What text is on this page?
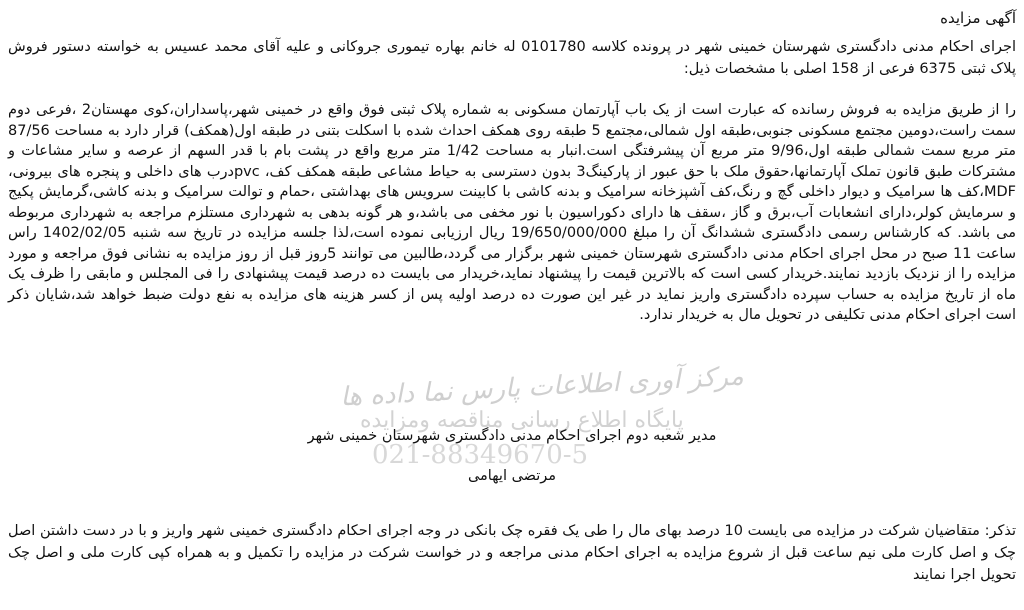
آگهی مزایده
اجرای احکام مدنی دادگستری شهرستان خمینی شهر در پرونده کلاسه 0101780 له خانم بهاره تیموری جروکانی و علیه آقای محمد عسیس به خواسته دستور فروش پلاک ثبتی 6375 فرعی از 158 اصلی با مشخصات ذیل:
را از طریق مزایده به فروش رسانده که عبارت است از یک باب آپارتمان مسکونی به شماره پلاک ثبتی فوق واقع در خمینی شهر،پاسداران،کوی مهستان2 ،فرعی دوم سمت راست،دومین مجتمع مسکونی جنوبی،طبقه اول شمالی،مجتمع 5 طبقه روی همکف احداث شده با اسکلت بتنی در طبقه اول(همکف) قرار دارد به مساحت 87/56 متر مربع سمت شمالی طبقه اول،9/96 متر مربع آن پیشرفتگی است.انبار به مساحت 1/42 متر مربع واقع در پشت بام با قدر السهم از عرصه و سایر مشاعات و مشترکات طبق قانون تملک آپارتمانها،حقوق ملک با حق عبور از پارکینگ3 بدون دسترسی به حیاط مشاعی طبقه همکف کف، pvcدرب های داخلی و پنجره های بیرونی، MDF،کف ها سرامیک و دیوار داخلی گچ و رنگ،کف آشپزخانه سرامیک و بدنه کاشی با کابینت سرویس های بهداشتی ،حمام و توالت سرامیک و بدنه کاشی،گرمایش پکیج و سرمایش کولر،دارای انشعابات آب،برق و گاز ،سقف ها دارای دکوراسیون با نور مخفی می باشد،و هر گونه بدهی به شهرداری مستلزم مراجعه به شهرداری مربوطه می باشد. که کارشناس رسمی دادگستری ششدانگ آن را مبلغ 19/650/000/000 ریال ارزیابی نموده است،لذا جلسه مزایده در تاریخ سه شنبه 1402/02/05 راس ساعت 11 صبح در محل اجرای احکام مدنی دادگستری شهرستان خمینی شهر برگزار می گردد،طالبین می توانند 5روز قبل از روز مزایده به نشانی فوق مراجعه و مورد مزایده را از نزدیک بازدید نمایند.خریدار کسی است که بالاترین قیمت را پیشنهاد نماید،خریدار می بایست ده درصد قیمت پیشنهادی را فی المجلس و مابقی را ظرف یک ماه از تاریخ مزایده به حساب سپرده دادگستری واریز نماید در غیر این صورت ده درصد اولیه پس از کسر هزینه های مزایده به نفع دولت ضبط خواهد شد،شایان ذکر است اجرای احکام مدنی تکلیفی در تحویل مال به خریدار ندارد.
مرکز آوری اطلاعات پارس نما داده ها
پایگاه اطلاع رسانی مناقصه ومزایده
021-88349670-5
مدیر شعبه دوم اجرای احکام مدنی دادگستری شهرستان خمینی شهر
مرتضی ایهامی
تذکر: متقاضیان شرکت در مزایده می بایست 10 درصد بهای مال را طی یک فقره چک بانکی در وجه اجرای احکام دادگستری خمینی شهر واریز و با در دست داشتن اصل چک و اصل کارت ملی نیم ساعت قبل از شروع مزایده به اجرای احکام مدنی مراجعه و در خواست شرکت در مزایده را تکمیل و به همراه کپی کارت ملی و اصل چک تحویل اجرا نمایند
